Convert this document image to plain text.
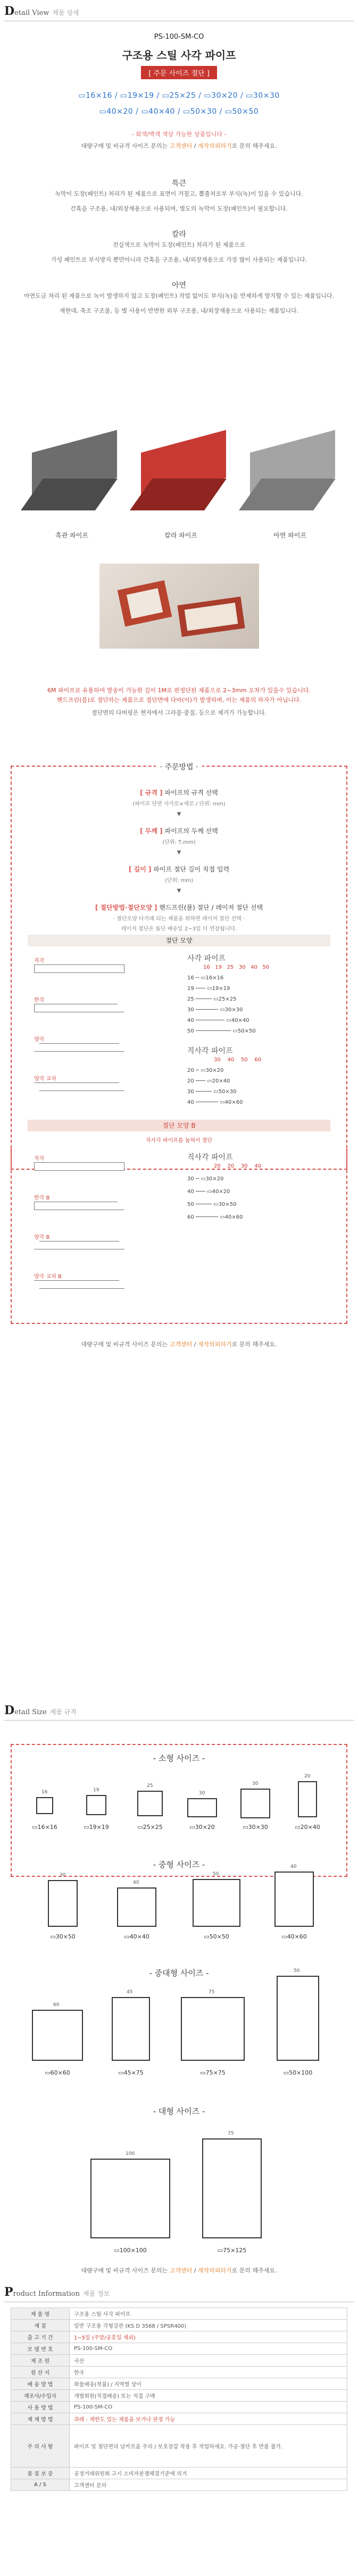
Detail View 제품 상세
PS-100-SM-CO
구조용 스틸 사각 파이프
[ 주문 사이즈 절단 ]
▭16×16 / ▭19×19 / ▭25×25 / ▭30×20 / ▭30×30
▭40×20 / ▭40×40 / ▭50×30 / ▭50×50
- 회색/백색 색상 가능한 상품입니다 -
대량구매 및 비규격 사이즈 문의는 고객센터 / 재작의뢰하기로 문의 해주세요.
특큰
녹막이 도장(페인트) 처리가 된 제품으로 표면이 거칠고, 뽑출처로부 부식(녹)이 있을 수 있습니다.
간혹을 구조용, 내/외장재용으로 사용되며, 별도의 녹막이 도장(페인트)이 필요합니다.
칼라
전실색으로 녹막이 도장(페인트) 처리가 된 제품으로
가성 페인트로 부식방지 뿐만아니라 간혹을 구조용, 내/외장재용으로 가장 많이 사용되는 제품입니다.
아연
아연도금 처리 된 제품으로 녹이 발생하지 않고 도장(페인트) 작업 없이도 부식(녹)을 반제하게 방지할 수 있는 제품입니다.
재현대, 축조 구조물, 등 별 사용이 반면한 외부 구조용, 내/외장재용으로 사용되는 제품입니다.
흑관 파이프	칼라 파이프	아연 파이프
6M 파이프로 유통하여 발송이 가능한 길이 1M로 판정단된 제품으로 2~3mm 오차가 있을수 있습니다.
핸드프린(플)로 절단하는 제품으로 절단면에 다마(이)가 발생하며, 이는 제품의 하자가 아닙니다.
절단면의 다버링은 현자에서 그라블·줄질, 등으로 제거가 가능합니다.
· 주문방법 ·
[ 규격 ] 파이프의 규격 선택
(파이프 단면 사가로×세로 / 단위: mm)
▼
[ 두께 ] 파이프의 두께 선택
(단위: T,mm)
▼
[ 길이 ] 파이프 절단 길이 직접 입력
(단위: mm)
▼
[ 절단방법·절단모양 ] 핸드프린(플) 절단 / 레이저 절단 선택
· 절단모양 다가래 되는 제품을 위하면 레이저 절단 선택 ·
레이저 절단은 돌단 배송일 2~3일 더 연장됩니다.
절단 모양
직각
한각
양각
양각 교차
사각 파이프
16 19 25 30 40 50
16 ─ ▭16×16
19 ─── ▭19×19
25 ───── ▭25×25
30 ─────── ▭30×30
40 ───────── ▭40×40
50 ─────────── ▭50×50
직사각 파이프
30 40 50 60
20 ─ ▭30×20
20 ─── ▭20×40
30 ───── ▭50×30
40 ─────── ▭40×60
절단 모양 B
직사각 파이프를 눕혀서 절단
직각
한각 B
양각 B
양각 교차 B
직사각 파이프
20 20 30 40
30 ─ ▭30×20
40 ─── ▭40×20
50 ───── ▭30×50
60 ─────── ▭40×60
대량구매 및 비규격 사이즈 문의는 고객센터 / 재작의뢰하기로 문의 해주세요.
Detail Size 제품 규격
- 소형 사이즈 -
16
▭16×16
19
▭19×19
25
▭25×25
30
▭30×20
30
▭30×30
20
▭20×40
- 중형 사이즈 -
30
▭30×50
40
▭40×40
50
▭50×50
40
▭40×60
- 중대형 사이즈 -
60
▭60×60
45
▭45×75
75
▭75×75
50
▭50×100
- 대형 사이즈 -
100
▭100×100
75
▭75×125
대량구매 및 비규격 사이즈 문의는 고객센터 / 재작의뢰하기로 문의 해주세요.
Product Information 제품 정보
제 품 명	구조용 스틸 사각 파이프
재 질	일반 구조용 각형강관 (KS D 3568 / SPSR400)
출 고 기 간	1~5일 (주말/공휴일 제외)
모 델 번 호	PS-100-SM-CO
제 조 원	국산
원 산 지	한국
배 송 방 법	화물배송(착불) / 지역별 상이
제조사/수입사	개별회원(직접배송) 또는 직접 구매
사 용 방 법	PS-100-SM-CO
제 재 방 법	과례 - 제한도 있는 제품을 보거나 판정 가능
주 의 사 항	파이프 및 절단면의 날카로움 주의 / 보호장갑 착용 후 작업하세요. 가공·절단 후 반품 불가.
품 질 보 증	공정거래위원회 고시 소비자분쟁해결기준에 의거
A / S	고객센터 문의
